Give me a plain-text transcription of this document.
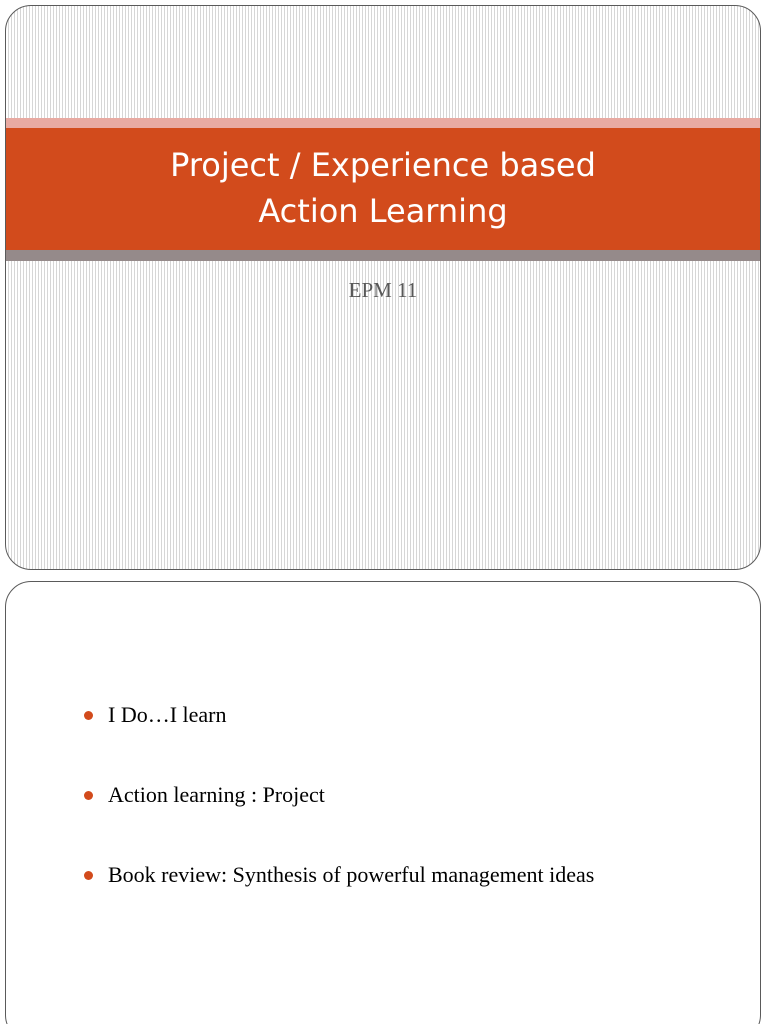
Project / Experience based
Action Learning
EPM 11
I Do…I learn
Action learning : Project
Book review: Synthesis of powerful management ideas
